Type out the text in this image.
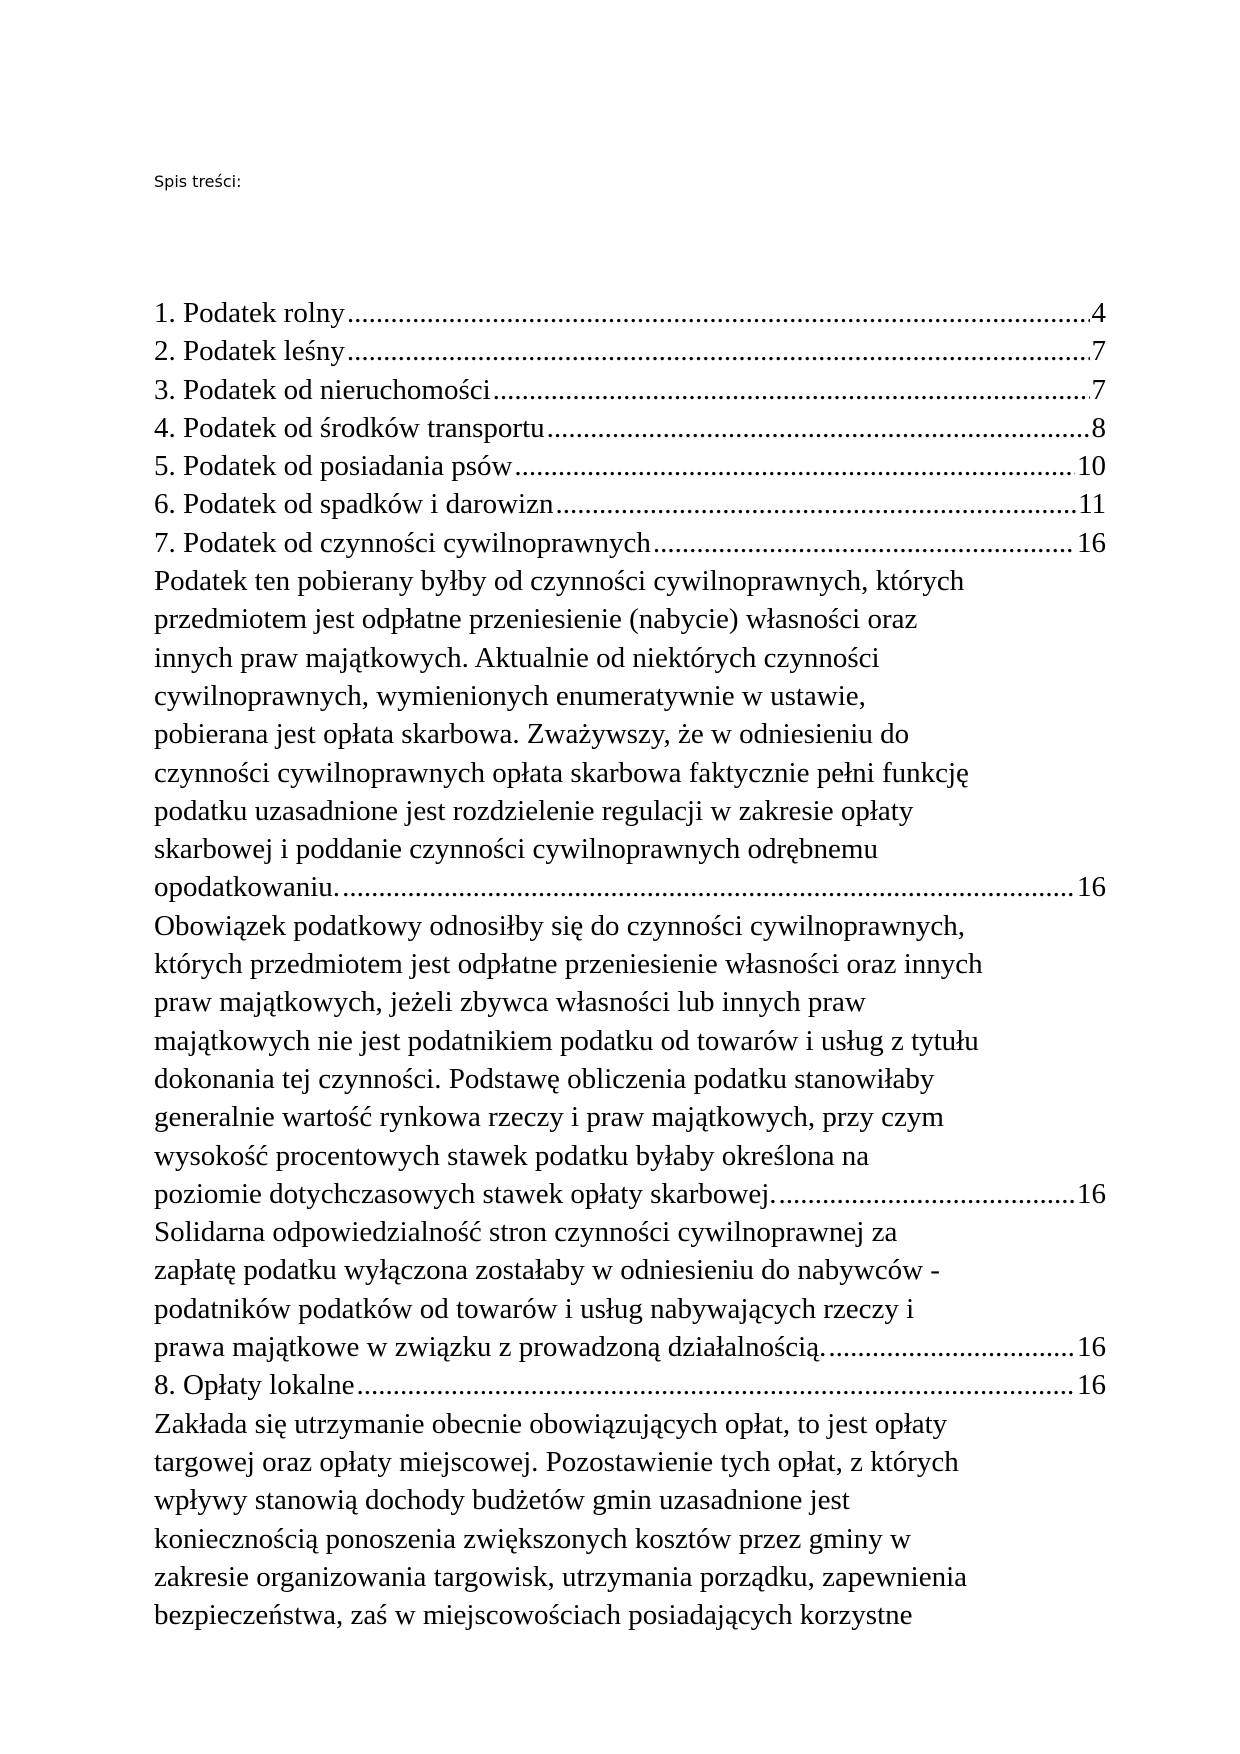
Spis treści:
1. Podatek rolny .....	4
2. Podatek leśny .....	7
3. Podatek od nieruchomości .....	7
4. Podatek od środków transportu .....	8
5. Podatek od posiadania psów .....	10
6. Podatek od spadków i darowizn .....	11
7. Podatek od czynności cywilnoprawnych .....	16
Podatek ten pobierany byłby od czynności cywilnoprawnych, których
przedmiotem jest odpłatne przeniesienie (nabycie) własności oraz
innych praw majątkowych. Aktualnie od niektórych czynności
cywilnoprawnych, wymienionych enumeratywnie w ustawie,
pobierana jest opłata skarbowa. Zważywszy, że w odniesieniu do
czynności cywilnoprawnych opłata skarbowa faktycznie pełni funkcję
podatku uzasadnione jest rozdzielenie regulacji w zakresie opłaty
skarbowej i poddanie czynności cywilnoprawnych odrębnemu
opodatkowaniu. .....	16
Obowiązek podatkowy odnosiłby się do czynności cywilnoprawnych,
których przedmiotem jest odpłatne przeniesienie własności oraz innych
praw majątkowych, jeżeli zbywca własności lub innych praw
majątkowych nie jest podatnikiem podatku od towarów i usług z tytułu
dokonania tej czynności. Podstawę obliczenia podatku stanowiłaby
generalnie wartość rynkowa rzeczy i praw majątkowych, przy czym
wysokość procentowych stawek podatku byłaby określona na
poziomie dotychczasowych stawek opłaty skarbowej. .....	16
Solidarna odpowiedzialność stron czynności cywilnoprawnej za
zapłatę podatku wyłączona zostałaby w odniesieniu do nabywców -
podatników podatków od towarów i usług nabywających rzeczy i
prawa majątkowe w związku z prowadzoną działalnością. .....	16
8. Opłaty lokalne .....	16
Zakłada się utrzymanie obecnie obowiązujących opłat, to jest opłaty
targowej oraz opłaty miejscowej. Pozostawienie tych opłat, z których
wpływy stanowią dochody budżetów gmin uzasadnione jest
koniecznością ponoszenia zwiększonych kosztów przez gminy w
zakresie organizowania targowisk, utrzymania porządku, zapewnienia
bezpieczeństwa, zaś w miejscowościach posiadających korzystne
